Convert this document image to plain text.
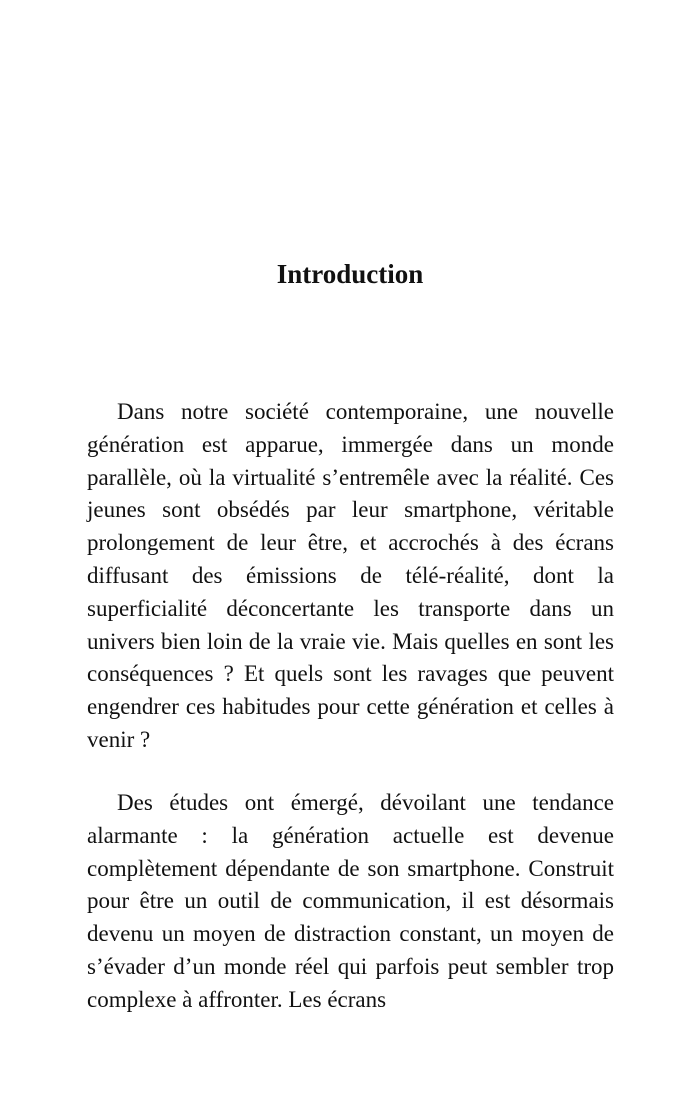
Introduction

Dans notre société contemporaine, une nouvelle génération est apparue, immergée dans un monde parallèle, où la virtualité s’entremêle avec la réalité. Ces jeunes sont obsédés par leur smartphone, véritable prolongement de leur être, et accrochés à des écrans diffusant des émissions de télé-réalité, dont la superficialité déconcertante les transporte dans un univers bien loin de la vraie vie. Mais quelles en sont les conséquences ? Et quels sont les ravages que peuvent engendrer ces habitudes pour cette génération et celles à venir ?

Des études ont émergé, dévoilant une tendance alarmante : la génération actuelle est devenue complètement dépendante de son smartphone. Construit pour être un outil de communication, il est désormais devenu un moyen de distraction constant, un moyen de s’évader d’un monde réel qui parfois peut sembler trop complexe à affronter. Les écrans
